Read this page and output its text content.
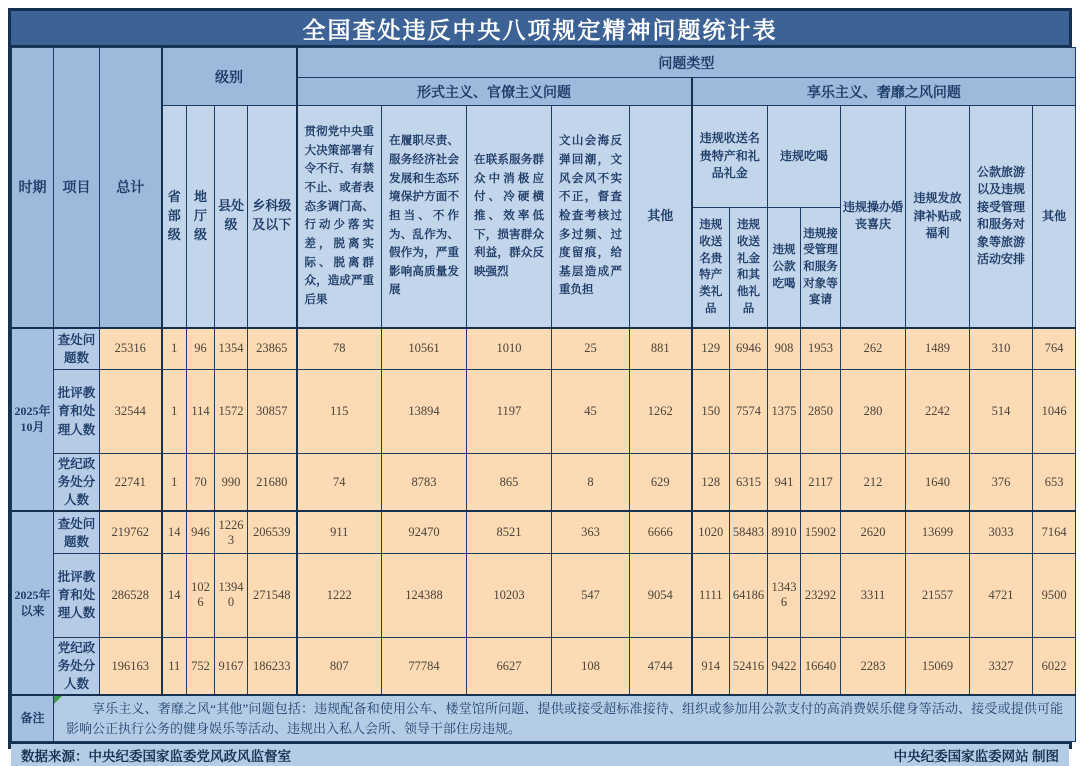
全国查处违反中央八项规定精神问题统计表
时期	项目	总计	级别				问题类型												
							形式主义、官僚主义问题					享乐主义、奢靡之风问题							
			省部级	地厅级	县处级	乡科级及以下	贯彻党中央重大决策部署有令不行、有禁不止、或者表态多调门高、行动少落实差，脱离实际、脱离群众，造成严重后果	在履职尽责、服务经济社会发展和生态环境保护方面不担当、不作为、乱作为、假作为，严重影响高质量发展	在联系服务群众中消极应付、冷硬横推、效率低下，损害群众利益，群众反映强烈	文山会海反弹回潮，文风会风不实不正，督查检查考核过多过频、过度留痕，给基层造成严重负担	其他	违规收送名贵特产和礼品礼金		违规吃喝		违规操办婚丧喜庆	违规发放津补贴或福利	公款旅游以及违规接受管理和服务对象等旅游活动安排	其他
												违规收送名贵特产类礼品	违规收送礼金和其他礼品	违规公款吃喝	违规接受管理和服务对象等宴请				
2025年10月	查处问题数	25316	1	96	1354	23865	78	10561	1010	25	881	129	6946	908	1953	262	1489	310	764
	批评教育和处理人数	32544	1	114	1572	30857	115	13894	1197	45	1262	150	7574	1375	2850	280	2242	514	1046
	党纪政务处分人数	22741	1	70	990	21680	74	8783	865	8	629	128	6315	941	2117	212	1640	376	653
2025年以来	查处问题数	219762	14	946	12263	206539	911	92470	8521	363	6666	1020	58483	8910	15902	2620	13699	3033	7164
	批评教育和处理人数	286528	14	1026	13940	271548	1222	124388	10203	547	9054	1111	64186	13436	23292	3311	21557	4721	9500
	党纪政务处分人数	196163	11	752	9167	186233	807	77784	6627	108	4744	914	52416	9422	16640	2283	15069	3327	6022
备注	享乐主义、奢靡之风“其他”问题包括：违规配备和使用公车、楼堂馆所问题、提供或接受超标准接待、组织或参加用公款支付的高消费娱乐健身等活动、接受或提供可能影响公正执行公务的健身娱乐等活动、违规出入私人会所、领导干部住房违规。																		
数据来源：中央纪委国家监委党风政风监督室	中央纪委国家监委网站 制图
